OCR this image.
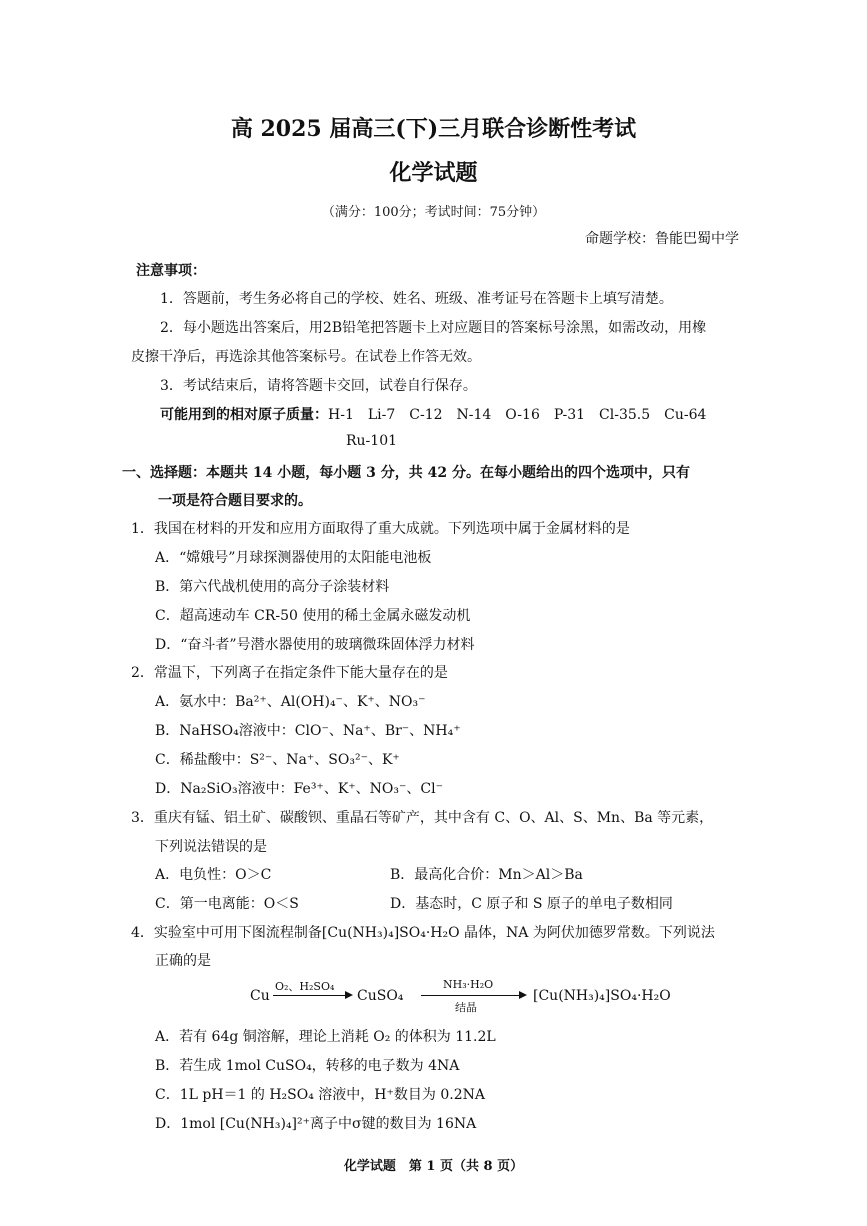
高 2025 届高三(下)三月联合诊断性考试
化学试题
（满分：100分；考试时间：75分钟）
命题学校：鲁能巴蜀中学
注意事项：
1．答题前，考生务必将自己的学校、姓名、班级、准考证号在答题卡上填写清楚。
2．每小题选出答案后，用2B铅笔把答题卡上对应题目的答案标号涂黑，如需改动，用橡
皮擦干净后，再选涂其他答案标号。在试卷上作答无效。
3．考试结束后，请将答题卡交回，试卷自行保存。
可能用到的相对原子质量：H-1　Li-7　C-12　N-14　O-16　P-31　Cl-35.5　Cu-64
Ru-101
一、选择题：本题共 14 小题，每小题 3 分，共 42 分。在每小题给出的四个选项中，只有
一项是符合题目要求的。
1．我国在材料的开发和应用方面取得了重大成就。下列选项中属于金属材料的是
A．“嫦娥号”月球探测器使用的太阳能电池板
B．第六代战机使用的高分子涂装材料
C．超高速动车 CR-50 使用的稀土金属永磁发动机
D．“奋斗者”号潜水器使用的玻璃微珠固体浮力材料
2．常温下，下列离子在指定条件下能大量存在的是
A．氨水中：Ba²⁺、Al(OH)₄⁻、K⁺、NO₃⁻
B．NaHSO₄溶液中：ClO⁻、Na⁺、Br⁻、NH₄⁺
C．稀盐酸中：S²⁻、Na⁺、SO₃²⁻、K⁺
D．Na₂SiO₃溶液中：Fe³⁺、K⁺、NO₃⁻、Cl⁻
3．重庆有锰、铝土矿、碳酸钡、重晶石等矿产，其中含有 C、O、Al、S、Mn、Ba 等元素，
下列说法错误的是
A．电负性：O＞C	B．最高化合价：Mn＞Al＞Ba
C．第一电离能：O＜S	D．基态时，C 原子和 S 原子的单电子数相同
4．实验室中可用下图流程制备[Cu(NH₃)₄]SO₄·H₂O 晶体，NA 为阿伏加德罗常数。下列说法
正确的是
Cu
O₂、H₂SO₄
CuSO₄
NH₃·H₂O
结晶
[Cu(NH₃)₄]SO₄·H₂O
A．若有 64g 铜溶解，理论上消耗 O₂ 的体积为 11.2L
B．若生成 1mol CuSO₄，转移的电子数为 4NA
C．1L pH＝1 的 H₂SO₄ 溶液中，H⁺数目为 0.2NA
D．1mol [Cu(NH₃)₄]²⁺离子中σ键的数目为 16NA
化学试题　第 1 页（共 8 页）
